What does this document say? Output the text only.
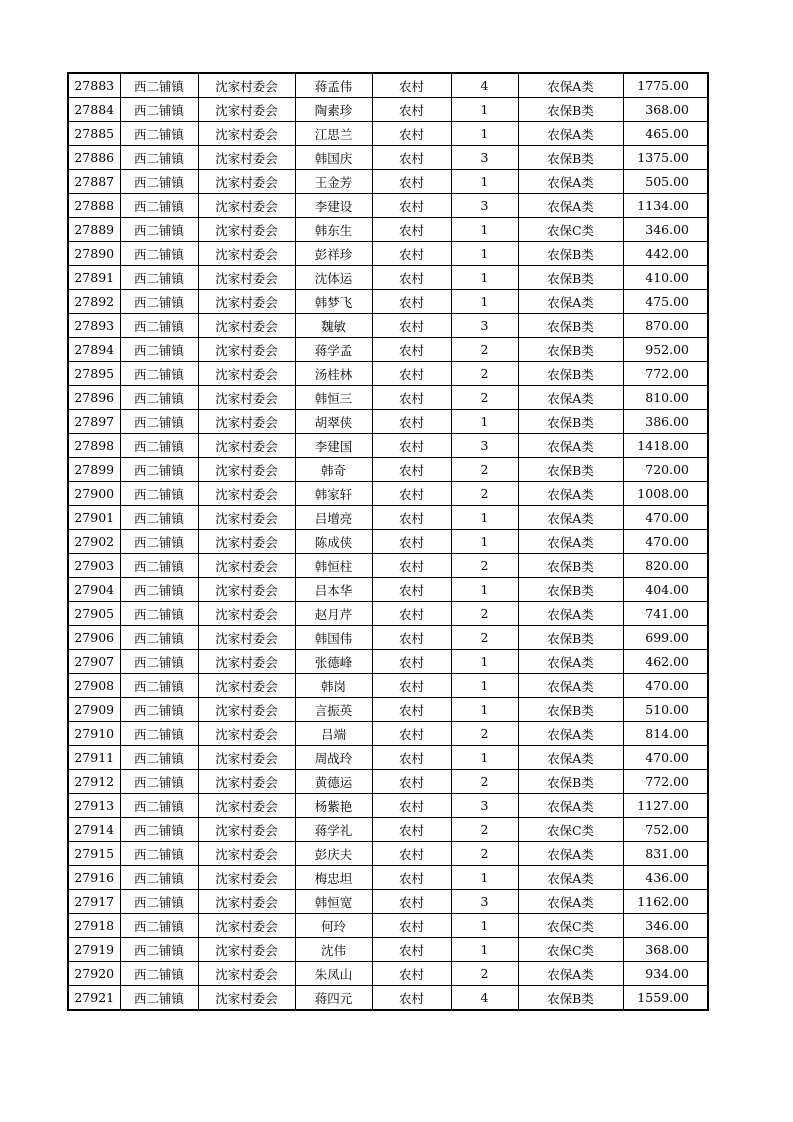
27883	西二铺镇	沈家村委会	蒋孟伟	农村	4	农保A类	1775.00
27884	西二铺镇	沈家村委会	陶素珍	农村	1	农保B类	368.00
27885	西二铺镇	沈家村委会	江思兰	农村	1	农保A类	465.00
27886	西二铺镇	沈家村委会	韩国庆	农村	3	农保B类	1375.00
27887	西二铺镇	沈家村委会	王金芳	农村	1	农保A类	505.00
27888	西二铺镇	沈家村委会	李建设	农村	3	农保A类	1134.00
27889	西二铺镇	沈家村委会	韩东生	农村	1	农保C类	346.00
27890	西二铺镇	沈家村委会	彭祥珍	农村	1	农保B类	442.00
27891	西二铺镇	沈家村委会	沈体运	农村	1	农保B类	410.00
27892	西二铺镇	沈家村委会	韩梦飞	农村	1	农保A类	475.00
27893	西二铺镇	沈家村委会	魏敏	农村	3	农保B类	870.00
27894	西二铺镇	沈家村委会	蒋学孟	农村	2	农保B类	952.00
27895	西二铺镇	沈家村委会	汤桂林	农村	2	农保B类	772.00
27896	西二铺镇	沈家村委会	韩恒三	农村	2	农保A类	810.00
27897	西二铺镇	沈家村委会	胡翠侠	农村	1	农保B类	386.00
27898	西二铺镇	沈家村委会	李建国	农村	3	农保A类	1418.00
27899	西二铺镇	沈家村委会	韩奇	农村	2	农保B类	720.00
27900	西二铺镇	沈家村委会	韩家轩	农村	2	农保A类	1008.00
27901	西二铺镇	沈家村委会	吕增亮	农村	1	农保A类	470.00
27902	西二铺镇	沈家村委会	陈成侠	农村	1	农保A类	470.00
27903	西二铺镇	沈家村委会	韩恒柱	农村	2	农保B类	820.00
27904	西二铺镇	沈家村委会	吕本华	农村	1	农保B类	404.00
27905	西二铺镇	沈家村委会	赵月芹	农村	2	农保A类	741.00
27906	西二铺镇	沈家村委会	韩国伟	农村	2	农保B类	699.00
27907	西二铺镇	沈家村委会	张德峰	农村	1	农保A类	462.00
27908	西二铺镇	沈家村委会	韩岗	农村	1	农保A类	470.00
27909	西二铺镇	沈家村委会	言振英	农村	1	农保B类	510.00
27910	西二铺镇	沈家村委会	吕端	农村	2	农保A类	814.00
27911	西二铺镇	沈家村委会	周战玲	农村	1	农保A类	470.00
27912	西二铺镇	沈家村委会	黄德运	农村	2	农保B类	772.00
27913	西二铺镇	沈家村委会	杨紫艳	农村	3	农保A类	1127.00
27914	西二铺镇	沈家村委会	蒋学礼	农村	2	农保C类	752.00
27915	西二铺镇	沈家村委会	彭庆夫	农村	2	农保A类	831.00
27916	西二铺镇	沈家村委会	梅忠坦	农村	1	农保A类	436.00
27917	西二铺镇	沈家村委会	韩恒宽	农村	3	农保A类	1162.00
27918	西二铺镇	沈家村委会	何玲	农村	1	农保C类	346.00
27919	西二铺镇	沈家村委会	沈伟	农村	1	农保C类	368.00
27920	西二铺镇	沈家村委会	朱凤山	农村	2	农保A类	934.00
27921	西二铺镇	沈家村委会	蒋四元	农村	4	农保B类	1559.00
